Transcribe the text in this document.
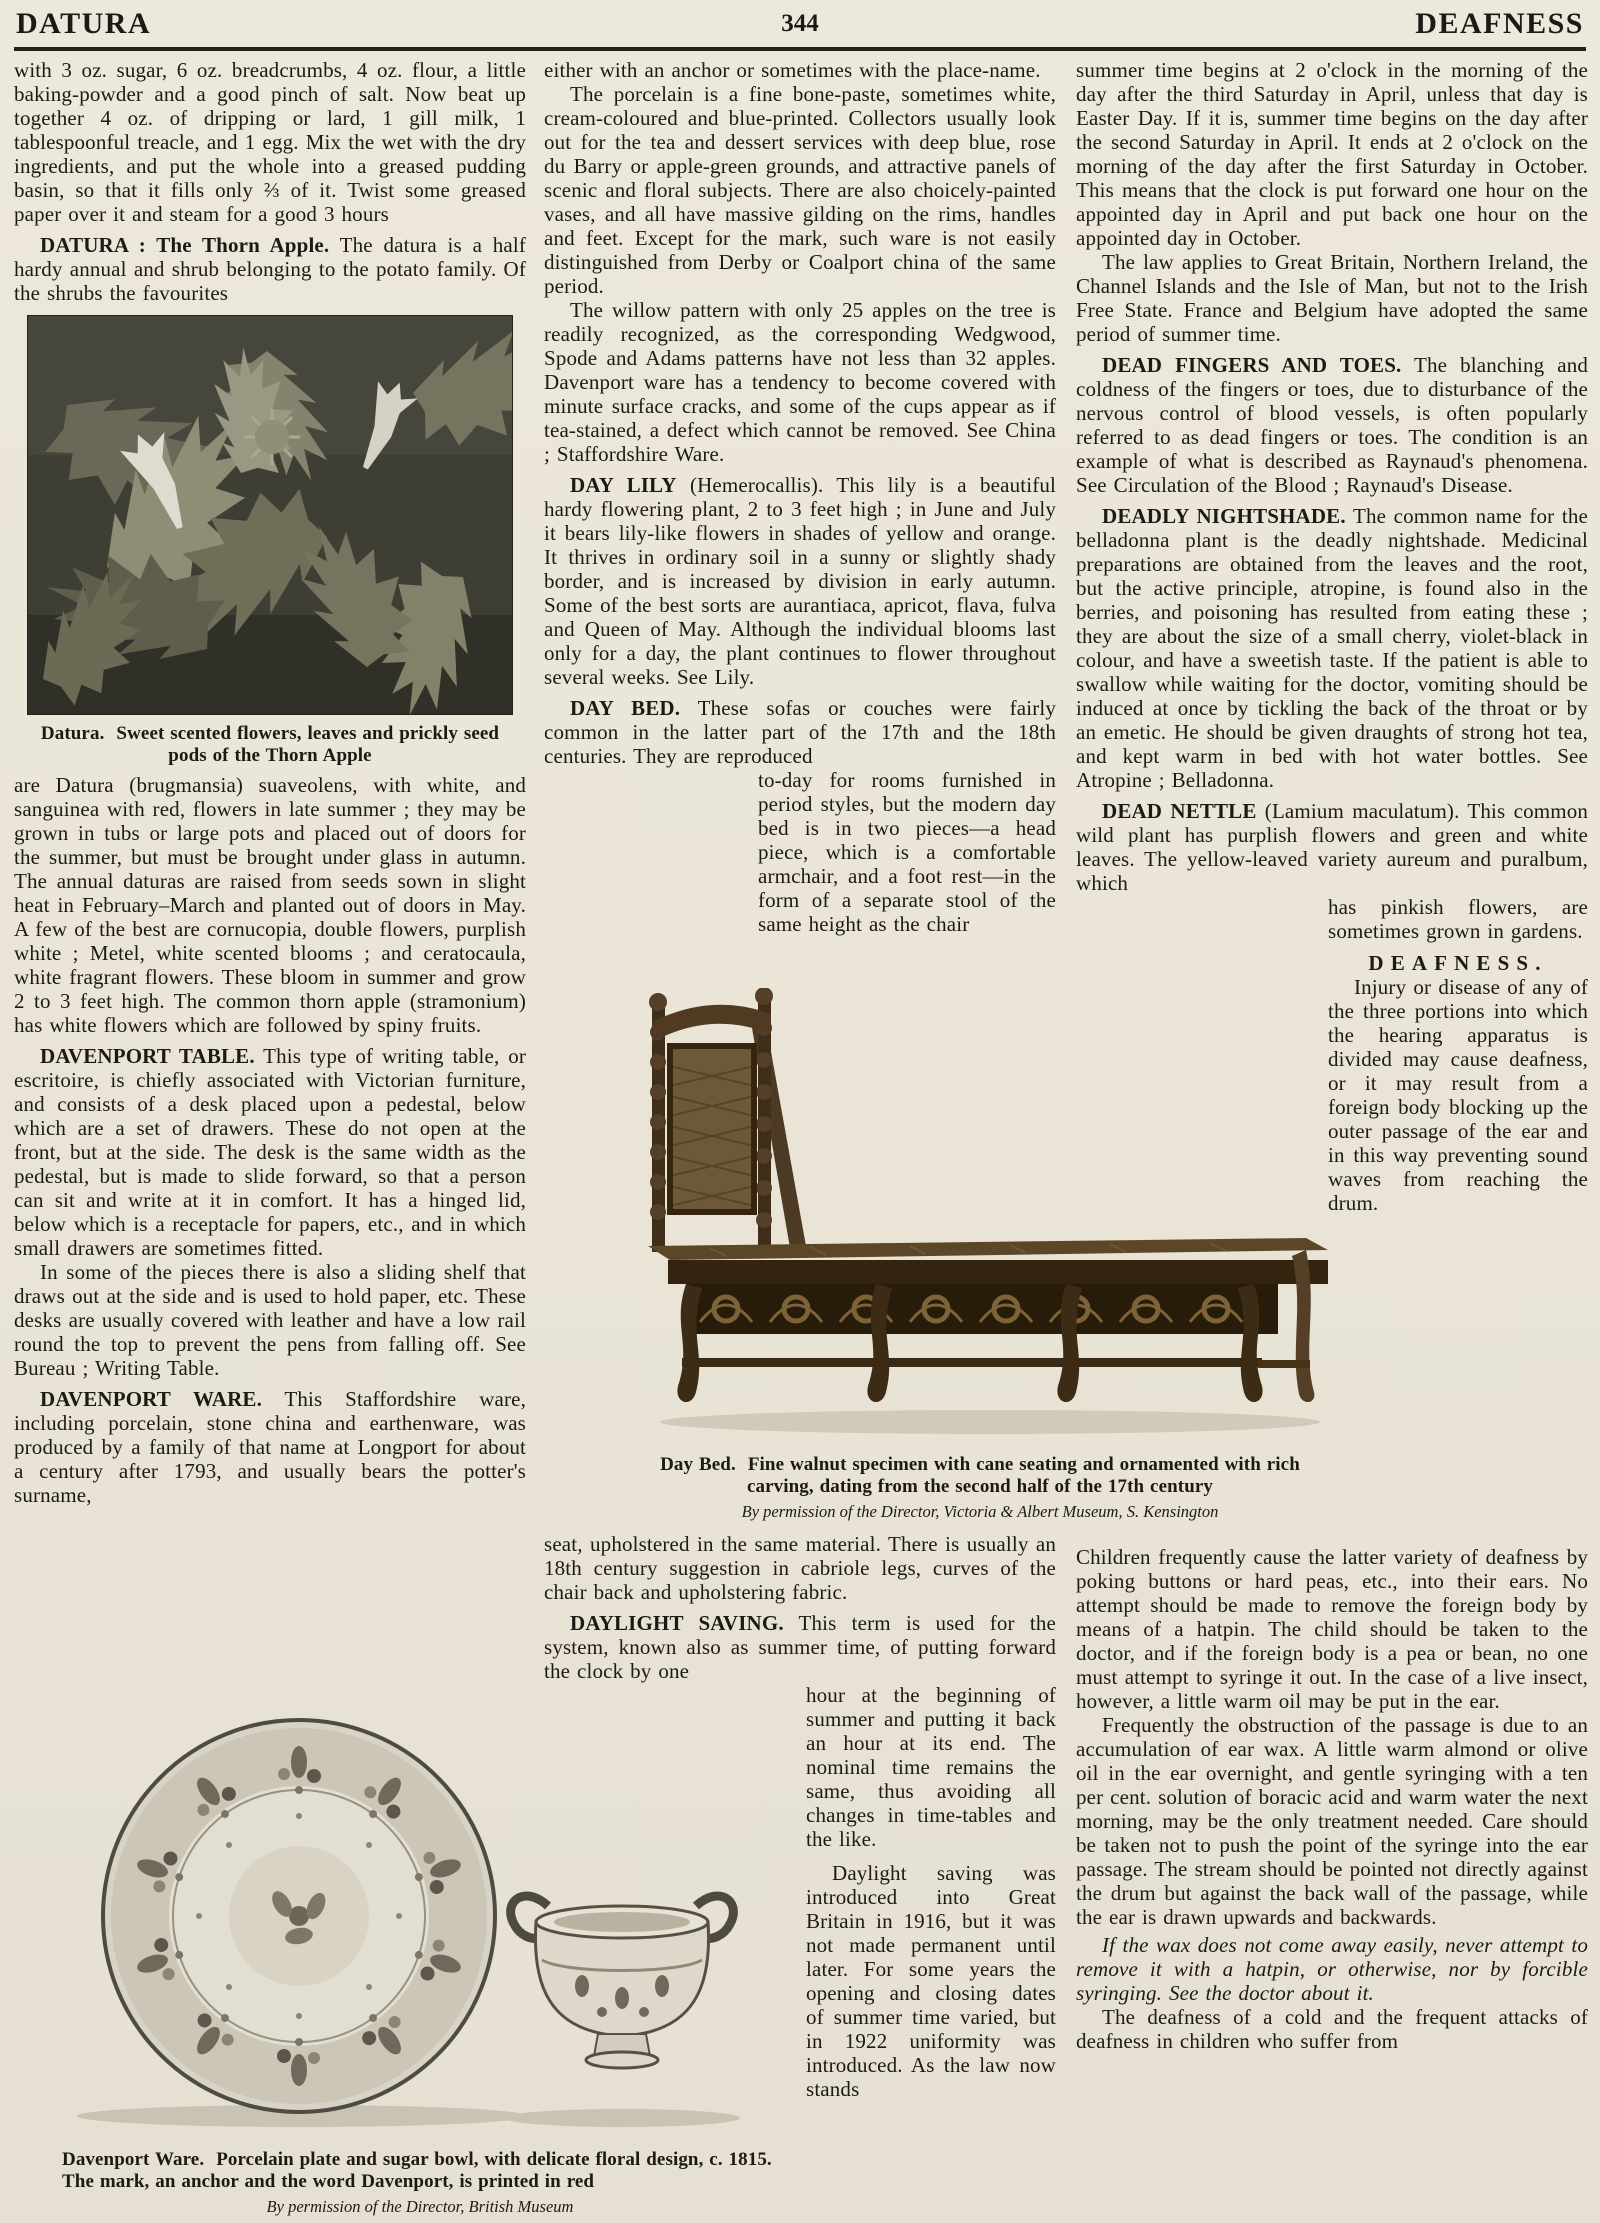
DATURA	344	DEAFNESS

with 3 oz. sugar, 6 oz. breadcrumbs, 4 oz. flour, a little baking-powder and a good pinch of salt. Now beat up together 4 oz. of dripping or lard, 1 gill milk, 1 tablespoonful treacle, and 1 egg. Mix the wet with the dry ingredients, and put the whole into a greased pudding basin, so that it fills only ⅔ of it. Twist some greased paper over it and steam for a good 3 hours

DATURA : The Thorn Apple. The datura is a half hardy annual and shrub belonging to the potato family. Of the shrubs the favourites

Datura. Sweet scented flowers, leaves and prickly seed pods of the Thorn Apple

are Datura (brugmansia) suaveolens, with white, and sanguinea with red, flowers in late summer ; they may be grown in tubs or large pots and placed out of doors for the summer, but must be brought under glass in autumn. The annual daturas are raised from seeds sown in slight heat in February–March and planted out of doors in May. A few of the best are cornucopia, double flowers, purplish white ; Metel, white scented blooms ; and ceratocaula, white fragrant flowers. These bloom in summer and grow 2 to 3 feet high. The common thorn apple (stramonium) has white flowers which are followed by spiny fruits.

DAVENPORT TABLE. This type of writing table, or escritoire, is chiefly associated with Victorian furniture, and consists of a desk placed upon a pedestal, below which are a set of drawers. These do not open at the front, but at the side. The desk is the same width as the pedestal, but is made to slide forward, so that a person can sit and write at it in comfort. It has a hinged lid, below which is a receptacle for papers, etc., and in which small drawers are sometimes fitted.

In some of the pieces there is also a sliding shelf that draws out at the side and is used to hold paper, etc. These desks are usually covered with leather and have a low rail round the top to prevent the pens from falling off. See Bureau ; Writing Table.

DAVENPORT WARE. This Staffordshire ware, including porcelain, stone china and earthenware, was produced by a family of that name at Longport for about a century after 1793, and usually bears the potter's surname,

either with an anchor or sometimes with the place-name.

The porcelain is a fine bone-paste, sometimes white, cream-coloured and blue-printed. Collectors usually look out for the tea and dessert services with deep blue, rose du Barry or apple-green grounds, and attractive panels of scenic and floral subjects. There are also choicely-painted vases, and all have massive gilding on the rims, handles and feet. Except for the mark, such ware is not easily distinguished from Derby or Coalport china of the same period.

The willow pattern with only 25 apples on the tree is readily recognized, as the corresponding Wedgwood, Spode and Adams patterns have not less than 32 apples. Davenport ware has a tendency to become covered with minute surface cracks, and some of the cups appear as if tea-stained, a defect which cannot be removed. See China ; Staffordshire Ware.

DAY LILY (Hemerocallis). This lily is a beautiful hardy flowering plant, 2 to 3 feet high ; in June and July it bears lily-like flowers in shades of yellow and orange. It thrives in ordinary soil in a sunny or slightly shady border, and is increased by division in early autumn. Some of the best sorts are aurantiaca, apricot, flava, fulva and Queen of May. Although the individual blooms last only for a day, the plant continues to flower throughout several weeks. See Lily.

DAY BED. These sofas or couches were fairly common in the latter part of the 17th and the 18th centuries. They are reproduced

to-day for rooms furnished in period styles, but the modern day bed is in two pieces—a head piece, which is a comfortable armchair, and a foot rest—in the form of a separate stool of the same height as the chair

seat, upholstered in the same material. There is usually an 18th century suggestion in cabriole legs, curves of the chair back and upholstering fabric.

DAYLIGHT SAVING. This term is used for the system, known also as summer time, of putting forward the clock by one

hour at the beginning of summer and putting it back an hour at its end. The nominal time remains the same, thus avoiding all changes in time-tables and the like.

Daylight saving was introduced into Great Britain in 1916, but it was not made permanent until later. For some years the opening and closing dates of summer time varied, but in 1922 uniformity was introduced. As the law now stands

summer time begins at 2 o'clock in the morning of the day after the third Saturday in April, unless that day is Easter Day. If it is, summer time begins on the day after the second Saturday in April. It ends at 2 o'clock on the morning of the day after the first Saturday in October. This means that the clock is put forward one hour on the appointed day in April and put back one hour on the appointed day in October.

The law applies to Great Britain, Northern Ireland, the Channel Islands and the Isle of Man, but not to the Irish Free State. France and Belgium have adopted the same period of summer time.

DEAD FINGERS AND TOES. The blanching and coldness of the fingers or toes, due to disturbance of the nervous control of blood vessels, is often popularly referred to as dead fingers or toes. The condition is an example of what is described as Raynaud's phenomena. See Circulation of the Blood ; Raynaud's Disease.

DEADLY NIGHTSHADE. The common name for the belladonna plant is the deadly nightshade. Medicinal preparations are obtained from the leaves and the root, but the active principle, atropine, is found also in the berries, and poisoning has resulted from eating these ; they are about the size of a small cherry, violet-black in colour, and have a sweetish taste. If the patient is able to swallow while waiting for the doctor, vomiting should be induced at once by tickling the back of the throat or by an emetic. He should be given draughts of strong hot tea, and kept warm in bed with hot water bottles. See Atropine ; Belladonna.

DEAD NETTLE (Lamium maculatum). This common wild plant has purplish flowers and green and white leaves. The yellow-leaved variety aureum and puralbum, which

has pinkish flowers, are sometimes grown in gardens.

DEAFNESS.

Injury or disease of any of the three portions into which the hearing apparatus is divided may cause deafness, or it may result from a foreign body blocking up the outer passage of the ear and in this way preventing sound waves from reaching the drum.

Children frequently cause the latter variety of deafness by poking buttons or hard peas, etc., into their ears. No attempt should be made to remove the foreign body by means of a hatpin. The child should be taken to the doctor, and if the foreign body is a pea or bean, no one must attempt to syringe it out. In the case of a live insect, however, a little warm oil may be put in the ear.

Frequently the obstruction of the passage is due to an accumulation of ear wax. A little warm almond or olive oil in the ear overnight, and gentle syringing with a ten per cent. solution of boracic acid and warm water the next morning, may be the only treatment needed. Care should be taken not to push the point of the syringe into the ear passage. The stream should be pointed not directly against the drum but against the back wall of the passage, while the ear is drawn upwards and backwards.

If the wax does not come away easily, never attempt to remove it with a hatpin, or otherwise, nor by forcible syringing. See the doctor about it.

The deafness of a cold and the frequent attacks of deafness in children who suffer from

Day Bed. Fine walnut specimen with cane seating and ornamented with rich carving, dating from the second half of the 17th century
By permission of the Director, Victoria & Albert Museum, S. Kensington
Davenport Ware. Porcelain plate and sugar bowl, with delicate floral design, c. 1815. The mark, an anchor and the word Davenport, is printed in red
By permission of the Director, British Museum
